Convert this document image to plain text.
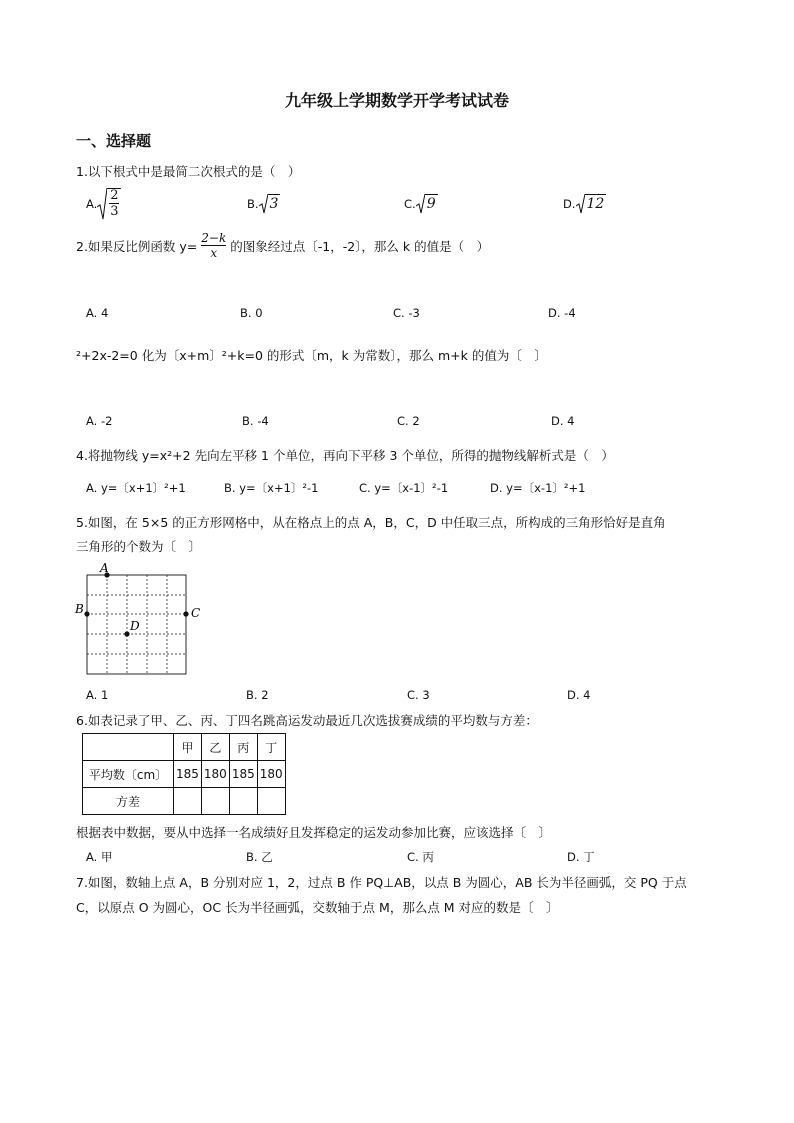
九年级上学期数学开学考试试卷
一、选择题
1.以下根式中是最简二次根式的是（　）
A.
2
3	B. 3	C. 9	D. 12
2.如果反比例函数 $y= \frac{2-k}{x}$ 的图象经过点〔-1，-2〕，那么 k 的值是（　）
A. 4	B. 0	C. -3	D. -4
²+2x-2=0 化为〔x+m〕²+k=0 的形式〔m，k 为常数〕，那么 m+k 的值为〔　〕
A. -2	B. -4	C. 2	D. 4
4.将抛物线 y=x²+2 先向左平移 1 个单位，再向下平移 3 个单位，所得的抛物线解析式是（　）
A. y=〔x+1〕²+1	B. y=〔x+1〕²-1	C. y=〔x-1〕²-1	D. y=〔x-1〕²+1
5.如图，在 5×5 的正方形网格中，从在格点上的点 A，B，C，D 中任取三点，所构成的三角形恰好是直角
三角形的个数为〔　〕
A
B	C
D
A. 1	B. 2	C. 3	D. 4
6.如表记录了甲、乙、丙、丁四名跳高运发动最近几次选拔赛成绩的平均数与方差：
	甲	乙	丙	丁
平均数〔cm〕	185	180	185	180
方差				
根据表中数据，要从中选择一名成绩好且发挥稳定的运发动参加比赛，应该选择〔　〕
A. 甲	B. 乙	C. 丙	D. 丁
7.如图，数轴上点 A，B 分别对应 1，2，过点 B 作 PQ⊥AB，以点 B 为圆心，AB 长为半径画弧，交 PQ 于点
C，以原点 O 为圆心，OC 长为半径画弧，交数轴于点 M，那么点 M 对应的数是〔　〕
